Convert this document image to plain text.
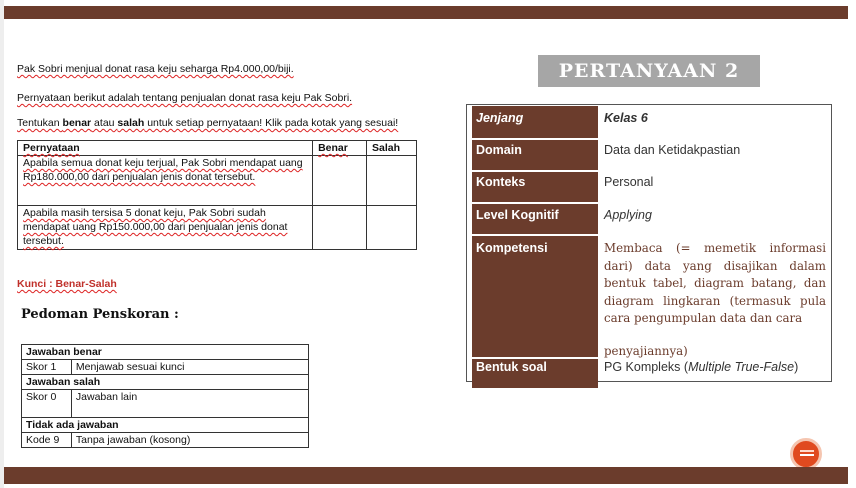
Pak Sobri menjual donat rasa keju seharga Rp4.000,00/biji.
Pernyataan berikut adalah tentang penjualan donat rasa keju Pak Sobri.
Tentukan benar atau salah untuk setiap pernyataan! Klik pada kotak yang sesuai!
Pernyataan	Benar	Salah
Apabila semua donat keju terjual, Pak Sobri mendapat uang Rp180.000,00 dari penjualan jenis donat tersebut.		
Apabila masih tersisa 5 donat keju, Pak Sobri sudah mendapat uang Rp150.000,00 dari penjualan jenis donat tersebut.		
Kunci : Benar-Salah
Pedoman Penskoran :
Jawaban benar	
Skor 1	Menjawab sesuai kunci
Jawaban salah	
Skor 0	Jawaban lain
Tidak ada jawaban	
Kode 9	Tanpa jawaban (kosong)
PERTANYAAN 2
Jenjang	Kelas 6
Domain	Data dan Ketidakpastian
Konteks	Personal
Level Kognitif	Applying
Kompetensi	Membaca (= memetik informasi dari) data yang disajikan dalam bentuk tabel, diagram batang, dan diagram lingkaran (termasuk pula cara pengumpulan data dan cara
penyajiannya)
Bentuk soal	PG Kompleks (Multiple True-False)
